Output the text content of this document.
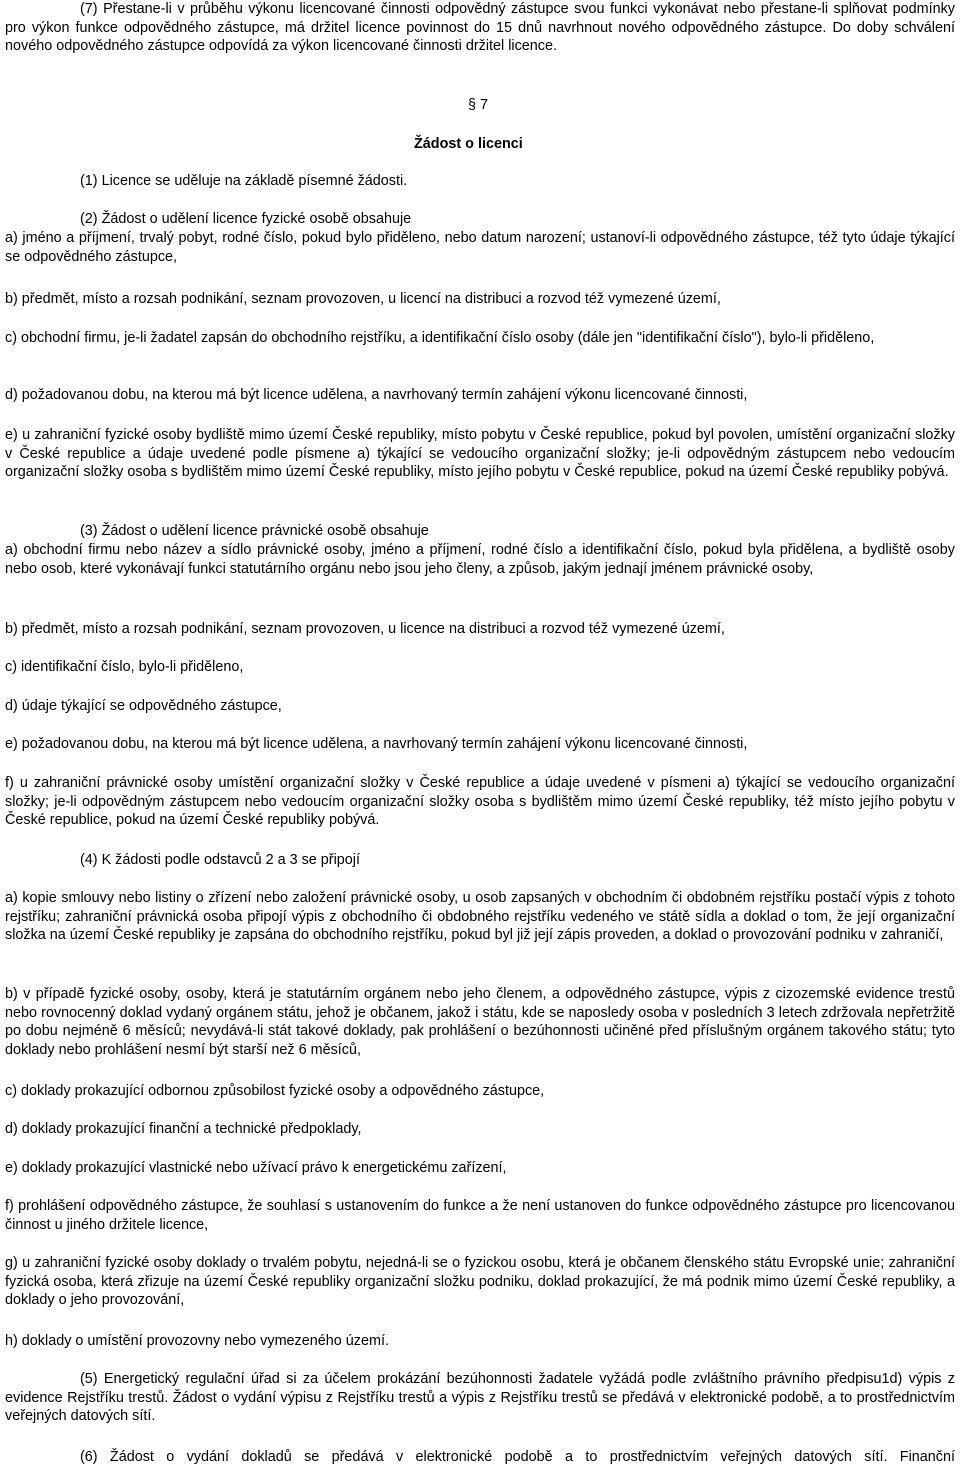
(7) Přestane-li v průběhu výkonu licencované činnosti odpovědný zástupce svou funkci vykonávat nebo přestane-li splňovat podmínky pro výkon funkce odpovědného zástupce, má držitel licence povinnost do 15 dnů navrhnout nového odpovědného zástupce. Do doby schválení nového odpovědného zástupce odpovídá za výkon licencované činnosti držitel licence.

§ 7
Žádost o licenci

(1) Licence se uděluje na základě písemné žádosti.

(2) Žádost o udělení licence fyzické osobě obsahuje

a) jméno a příjmení, trvalý pobyt, rodné číslo, pokud bylo přiděleno, nebo datum narození; ustanoví-li odpovědného zástupce, též tyto údaje týkající se odpovědného zástupce,

b) předmět, místo a rozsah podnikání, seznam provozoven, u licencí na distribuci a rozvod též vymezené území,

c) obchodní firmu, je-li žadatel zapsán do obchodního rejstříku, a identifikační číslo osoby (dále jen "identifikační číslo"), bylo-li přiděleno,

d) požadovanou dobu, na kterou má být licence udělena, a navrhovaný termín zahájení výkonu licencované činnosti,

e) u zahraniční fyzické osoby bydliště mimo území České republiky, místo pobytu v České republice, pokud byl povolen, umístění organizační složky v České republice a údaje uvedené podle písmene a) týkající se vedoucího organizační složky; je-li odpovědným zástupcem nebo vedoucím organizační složky osoba s bydlištěm mimo území České republiky, místo jejího pobytu v České republice, pokud na území České republiky pobývá.

(3) Žádost o udělení licence právnické osobě obsahuje

a) obchodní firmu nebo název a sídlo právnické osoby, jméno a příjmení, rodné číslo a identifikační číslo, pokud byla přidělena, a bydliště osoby nebo osob, které vykonávají funkci statutárního orgánu nebo jsou jeho členy, a způsob, jakým jednají jménem právnické osoby,

b) předmět, místo a rozsah podnikání, seznam provozoven, u licence na distribuci a rozvod též vymezené území,

c) identifikační číslo, bylo-li přiděleno,

d) údaje týkající se odpovědného zástupce,

e) požadovanou dobu, na kterou má být licence udělena, a navrhovaný termín zahájení výkonu licencované činnosti,

f) u zahraniční právnické osoby umístění organizační složky v České republice a údaje uvedené v písmeni a) týkající se vedoucího organizační složky; je-li odpovědným zástupcem nebo vedoucím organizační složky osoba s bydlištěm mimo území České republiky, též místo jejího pobytu v České republice, pokud na území České republiky pobývá.

(4) K žádosti podle odstavců 2 a 3 se připojí

a) kopie smlouvy nebo listiny o zřízení nebo založení právnické osoby, u osob zapsaných v obchodním či obdobném rejstříku postačí výpis z tohoto rejstříku; zahraniční právnická osoba připojí výpis z obchodního či obdobného rejstříku vedeného ve státě sídla a doklad o tom, že její organizační složka na území České republiky je zapsána do obchodního rejstříku, pokud byl již její zápis proveden, a doklad o provozování podniku v zahraničí,

b) v případě fyzické osoby, osoby, která je statutárním orgánem nebo jeho členem, a odpovědného zástupce, výpis z cizozemské evidence trestů nebo rovnocenný doklad vydaný orgánem státu, jehož je občanem, jakož i státu, kde se naposledy osoba v posledních 3 letech zdržovala nepřetržitě po dobu nejméně 6 měsíců; nevydává-li stát takové doklady, pak prohlášení o bezúhonnosti učiněné před příslušným orgánem takového státu; tyto doklady nebo prohlášení nesmí být starší než 6 měsíců,

c) doklady prokazující odbornou způsobilost fyzické osoby a odpovědného zástupce,

d) doklady prokazující finanční a technické předpoklady,

e) doklady prokazující vlastnické nebo užívací právo k energetickému zařízení,

f) prohlášení odpovědného zástupce, že souhlasí s ustanovením do funkce a že není ustanoven do funkce odpovědného zástupce pro licencovanou činnost u jiného držitele licence,

g) u zahraniční fyzické osoby doklady o trvalém pobytu, nejedná-li se o fyzickou osobu, která je občanem členského státu Evropské unie; zahraniční fyzická osoba, která zřizuje na území České republiky organizační složku podniku, doklad prokazující, že má podnik mimo území České republiky, a doklady o jeho provozování,

h) doklady o umístění provozovny nebo vymezeného území.

(5) Energetický regulační úřad si za účelem prokázání bezúhonnosti žadatele vyžádá podle zvláštního právního předpisu1d) výpis z evidence Rejstříku trestů. Žádost o vydání výpisu z Rejstříku trestů a výpis z Rejstříku trestů se předává v elektronické podobě, a to prostřednictvím veřejných datových sítí.

(6) Žádost o vydání dokladů se předává v elektronické podobě a to prostřednictvím veřejných datových sítí. Finanční
